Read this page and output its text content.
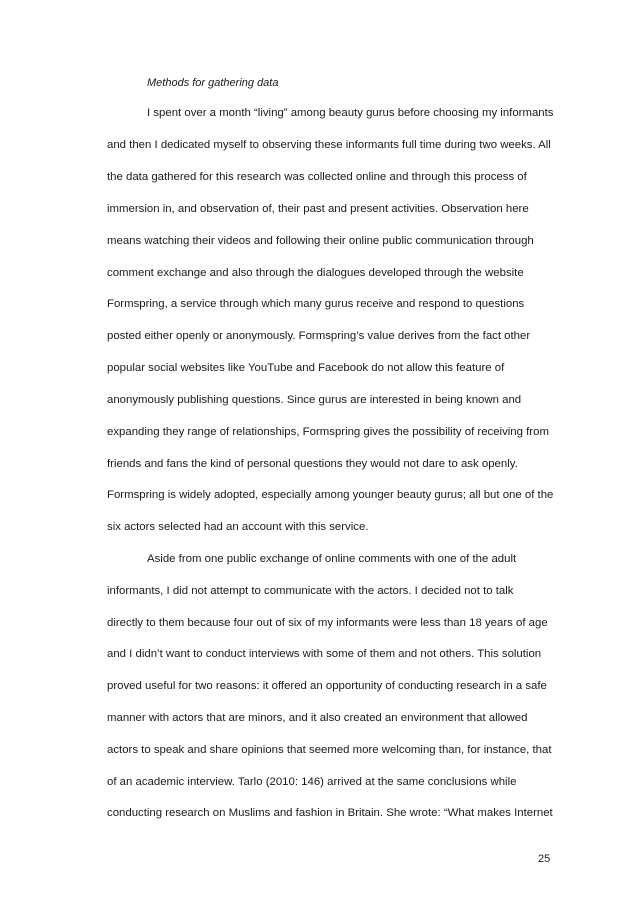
Methods for gathering data
I spent over a month “living” among beauty gurus before choosing my informants
and then I dedicated myself to observing these informants full time during two weeks. All
the data gathered for this research was collected online and through this process of
immersion in, and observation of, their past and present activities. Observation here
means watching their videos and following their online public communication through
comment exchange and also through the dialogues developed through the website
Formspring, a service through which many gurus receive and respond to questions
posted either openly or anonymously. Formspring’s value derives from the fact other
popular social websites like YouTube and Facebook do not allow this feature of
anonymously publishing questions. Since gurus are interested in being known and
expanding they range of relationships, Formspring gives the possibility of receiving from
friends and fans the kind of personal questions they would not dare to ask openly.
Formspring is widely adopted, especially among younger beauty gurus; all but one of the
six actors selected had an account with this service.
Aside from one public exchange of online comments with one of the adult
informants, I did not attempt to communicate with the actors. I decided not to talk
directly to them because four out of six of my informants were less than 18 years of age
and I didn’t want to conduct interviews with some of them and not others. This solution
proved useful for two reasons: it offered an opportunity of conducting research in a safe
manner with actors that are minors, and it also created an environment that allowed
actors to speak and share opinions that seemed more welcoming than, for instance, that
of an academic interview. Tarlo (2010: 146) arrived at the same conclusions while
conducting research on Muslims and fashion in Britain. She wrote: “What makes Internet
25
